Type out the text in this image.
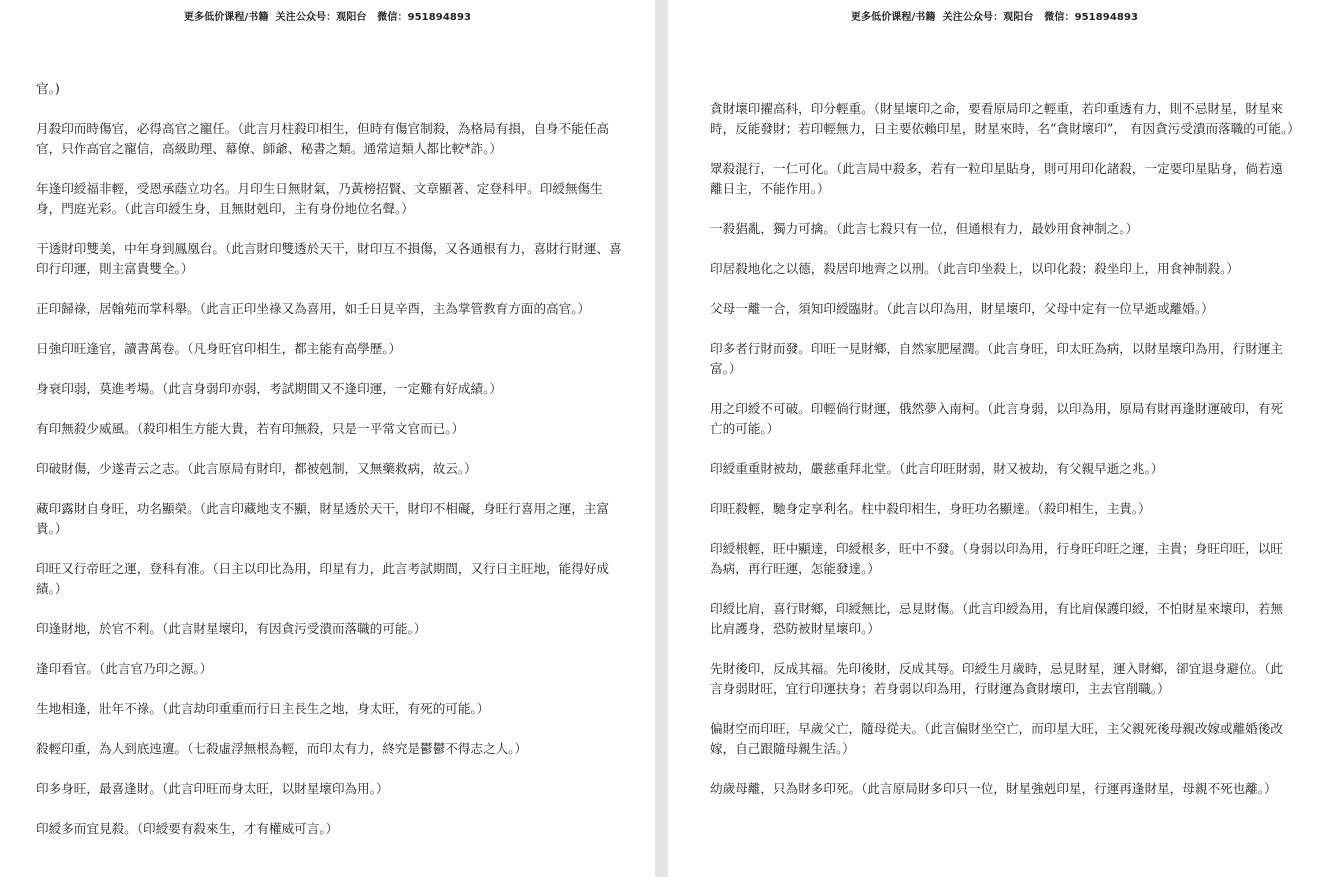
更多低价课程/书籍  关注公众号：观阳台   微信：951894893

官。)

月殺印而時傷官，必得高官之寵任。（此言月柱殺印相生，但時有傷官制殺，為格局有損，自身不能任高官，只作高官之寵信，高級助理、幕僚、師爺、秘書之類。通常這類人都比較*詐。）

年逢印綬福非輕，受恩承蔭立功名。月印生日無財氣，乃黃榜招賢、文章顯著、定登科甲。印綬無傷生身，門庭光彩。（此言印綬生身，且無財剋印，主有身份地位名聲。）

干透財印雙美，中年身到鳳凰台。（此言財印雙透於天干，財印互不損傷，又各通根有力，喜財行財運、喜印行印運，則主富貴雙全。）

正印歸祿，居翰苑而掌科舉。（此言正印坐祿又為喜用，如壬日見辛酉，主為掌管教育方面的高官。）

日強印旺逢官，讀書萬卷。（凡身旺官印相生，都主能有高學歷。）

身衰印弱，莫進考場。（此言身弱印亦弱，考試期間又不逢印運，一定難有好成績。）

有印無殺少威風。（殺印相生方能大貴，若有印無殺，只是一平常文官而已。）

印破財傷，少遂青云之志。（此言原局有財印，都被剋制，又無藥救病，故云。）

藏印露財自身旺，功名顯榮。（此言印藏地支不顯，財星透於天干，財印不相礙，身旺行喜用之運，主富貴。）

印旺又行帝旺之運，登科有准。（日主以印比為用，印星有力，此言考試期間，又行日主旺地，能得好成績。）

印逢財地，於官不利。（此言財星壞印，有因貪污受潰而落職的可能。）

逢印看官。（此言官乃印之源。）

生地相逢，壯年不祿。（此言劫印重重而行日主長生之地，身太旺，有死的可能。）

殺輕印重，為人到底迍邅。（七殺虛浮無根為輕，而印太有力，終究是鬱鬱不得志之人。）

印多身旺，最喜逢財。（此言印旺而身太旺，以財星壞印為用。）

印綬多而宜見殺。（印綬要有殺來生，才有權威可言。）

更多低价课程/书籍  关注公众号：观阳台   微信：951894893

貪財壞印擢高科，印分輕重。（財星壞印之命，要看原局印之輕重，若印重透有力，則不忌財星，財星來時，反能發財；若印輕無力，日主要依賴印星，財星來時，名“貪財壞印”， 有因貪污受潰而落職的可能。）

眾殺混行，一仁可化。（此言局中殺多，若有一粒印星貼身，則可用印化諸殺，一定要印星貼身，倘若遠離日主，不能作用。）

一殺猖亂，獨力可擒。（此言七殺只有一位，但通根有力，最妙用食神制之。）

印居殺地化之以德，殺居印地齊之以刑。（此言印坐殺上，以印化殺；殺坐印上，用食神制殺。）

父母一離一合，須知印綬臨財。（此言以印為用，財星壞印，父母中定有一位早逝或離婚。）

印多者行財而發。印旺一見財鄉，自然家肥屋潤。（此言身旺，印太旺為病，以財星壞印為用，行財運主富。）

用之印綬不可破。印輕倘行財運，俄然夢入南柯。（此言身弱，以印為用，原局有財再逢財運破印，有死亡的可能。）

印綬重重財被劫，嚴慈重拜北堂。（此言印旺財弱，財又被劫，有父親早逝之兆。）

印旺殺輕，馳身定享利名。柱中殺印相生，身旺功名顯達。（殺印相生，主貴。）

印綬根輕，旺中顯達，印綬根多，旺中不發。（身弱以印為用，行身旺印旺之運，主貴；身旺印旺，以旺為病，再行旺運，怎能發達。）

印綬比肩，喜行財鄉，印綬無比，忌見財傷。（此言印綬為用，有比肩保護印綬，不怕財星來壞印，若無比肩護身，恐防被財星壞印。）

先財後印，反成其福。先印後財，反成其辱。印綬生月歲時，忌見財星，運入財鄉，卻宜退身避位。（此言身弱財旺，宜行印運扶身；若身弱以印為用，行財運為貪財壞印，主去官削職。）

偏財空而印旺，早歲父亡，隨母從夫。（此言偏財坐空亡，而印星大旺，主父親死後母親改嫁或離婚後改嫁，自己跟隨母親生活。）

幼歲母離，只為財多印死。（此言原局財多印只一位，財星強剋印星，行運再逢財星，母親不死也離。）
